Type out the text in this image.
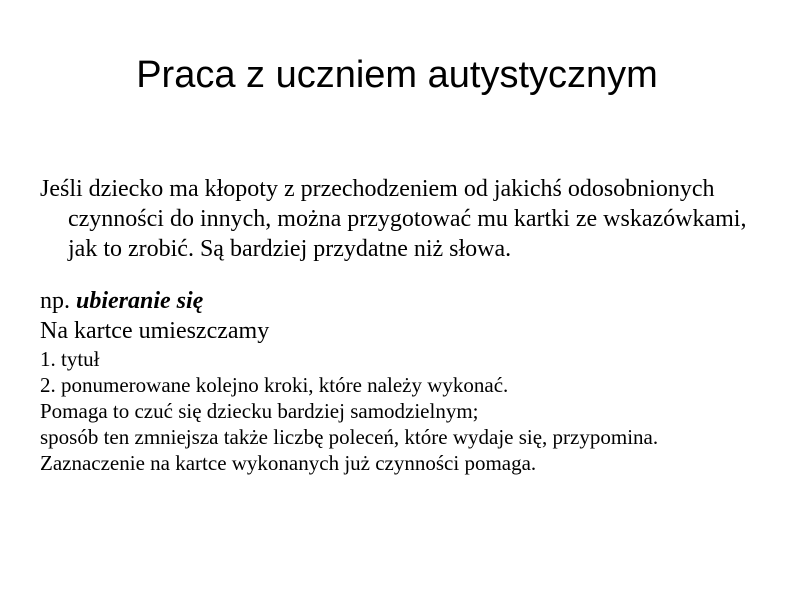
Praca z uczniem autystycznym

Jeśli dziecko ma kłopoty z przechodzeniem od jakichś odosobnionych czynności do innych, można przygotować mu kartki ze wskazówkami, jak to zrobić. Są bardziej przydatne niż słowa.

np. ubieranie się

Na kartce umieszczamy

1. tytuł

2. ponumerowane kolejno kroki, które należy wykonać.

Pomaga to czuć się dziecku bardziej samodzielnym;

sposób ten zmniejsza także liczbę poleceń, które wydaje się, przypomina.

Zaznaczenie na kartce wykonanych już czynności pomaga.
